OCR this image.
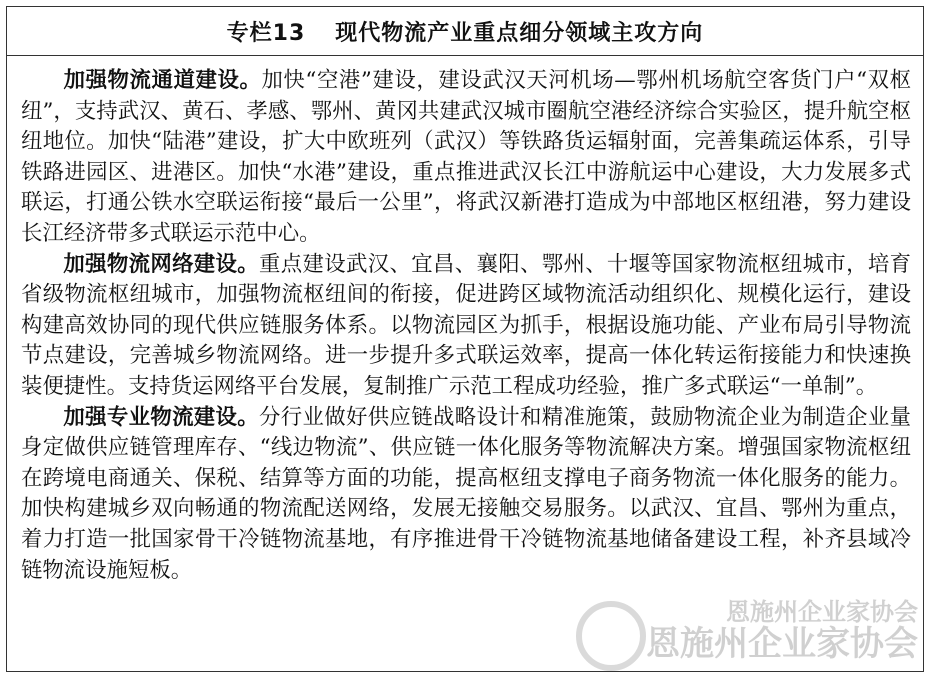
专栏13 现代物流产业重点细分领域主攻方向

加强物流通道建设。加快“空港”建设，建设武汉天河机场—鄂州机场航空客货门户“双枢纽”，支持武汉、黄石、孝感、鄂州、黄冈共建武汉城市圈航空港经济综合实验区，提升航空枢纽地位。加快“陆港”建设，扩大中欧班列（武汉）等铁路货运辐射面，完善集疏运体系，引导铁路进园区、进港区。加快“水港”建设，重点推进武汉长江中游航运中心建设，大力发展多式联运，打通公铁水空联运衔接“最后一公里”，将武汉新港打造成为中部地区枢纽港，努力建设长江经济带多式联运示范中心。

加强物流网络建设。重点建设武汉、宜昌、襄阳、鄂州、十堰等国家物流枢纽城市，培育省级物流枢纽城市，加强物流枢纽间的衔接，促进跨区域物流活动组织化、规模化运行，建设构建高效协同的现代供应链服务体系。以物流园区为抓手，根据设施功能、产业布局引导物流节点建设，完善城乡物流网络。进一步提升多式联运效率，提高一体化转运衔接能力和快速换装便捷性。支持货运网络平台发展，复制推广示范工程成功经验，推广多式联运“一单制”。

加强专业物流建设。分行业做好供应链战略设计和精准施策，鼓励物流企业为制造企业量身定做供应链管理库存、“线边物流”、供应链一体化服务等物流解决方案。增强国家物流枢纽在跨境电商通关、保税、结算等方面的功能，提高枢纽支撑电子商务物流一体化服务的能力。加快构建城乡双向畅通的物流配送网络，发展无接触交易服务。以武汉、宜昌、鄂州为重点，着力打造一批国家骨干冷链物流基地，有序推进骨干冷链物流基地储备建设工程，补齐县域冷链物流设施短板。

恩施州企业家协会
恩施州企业家协会
